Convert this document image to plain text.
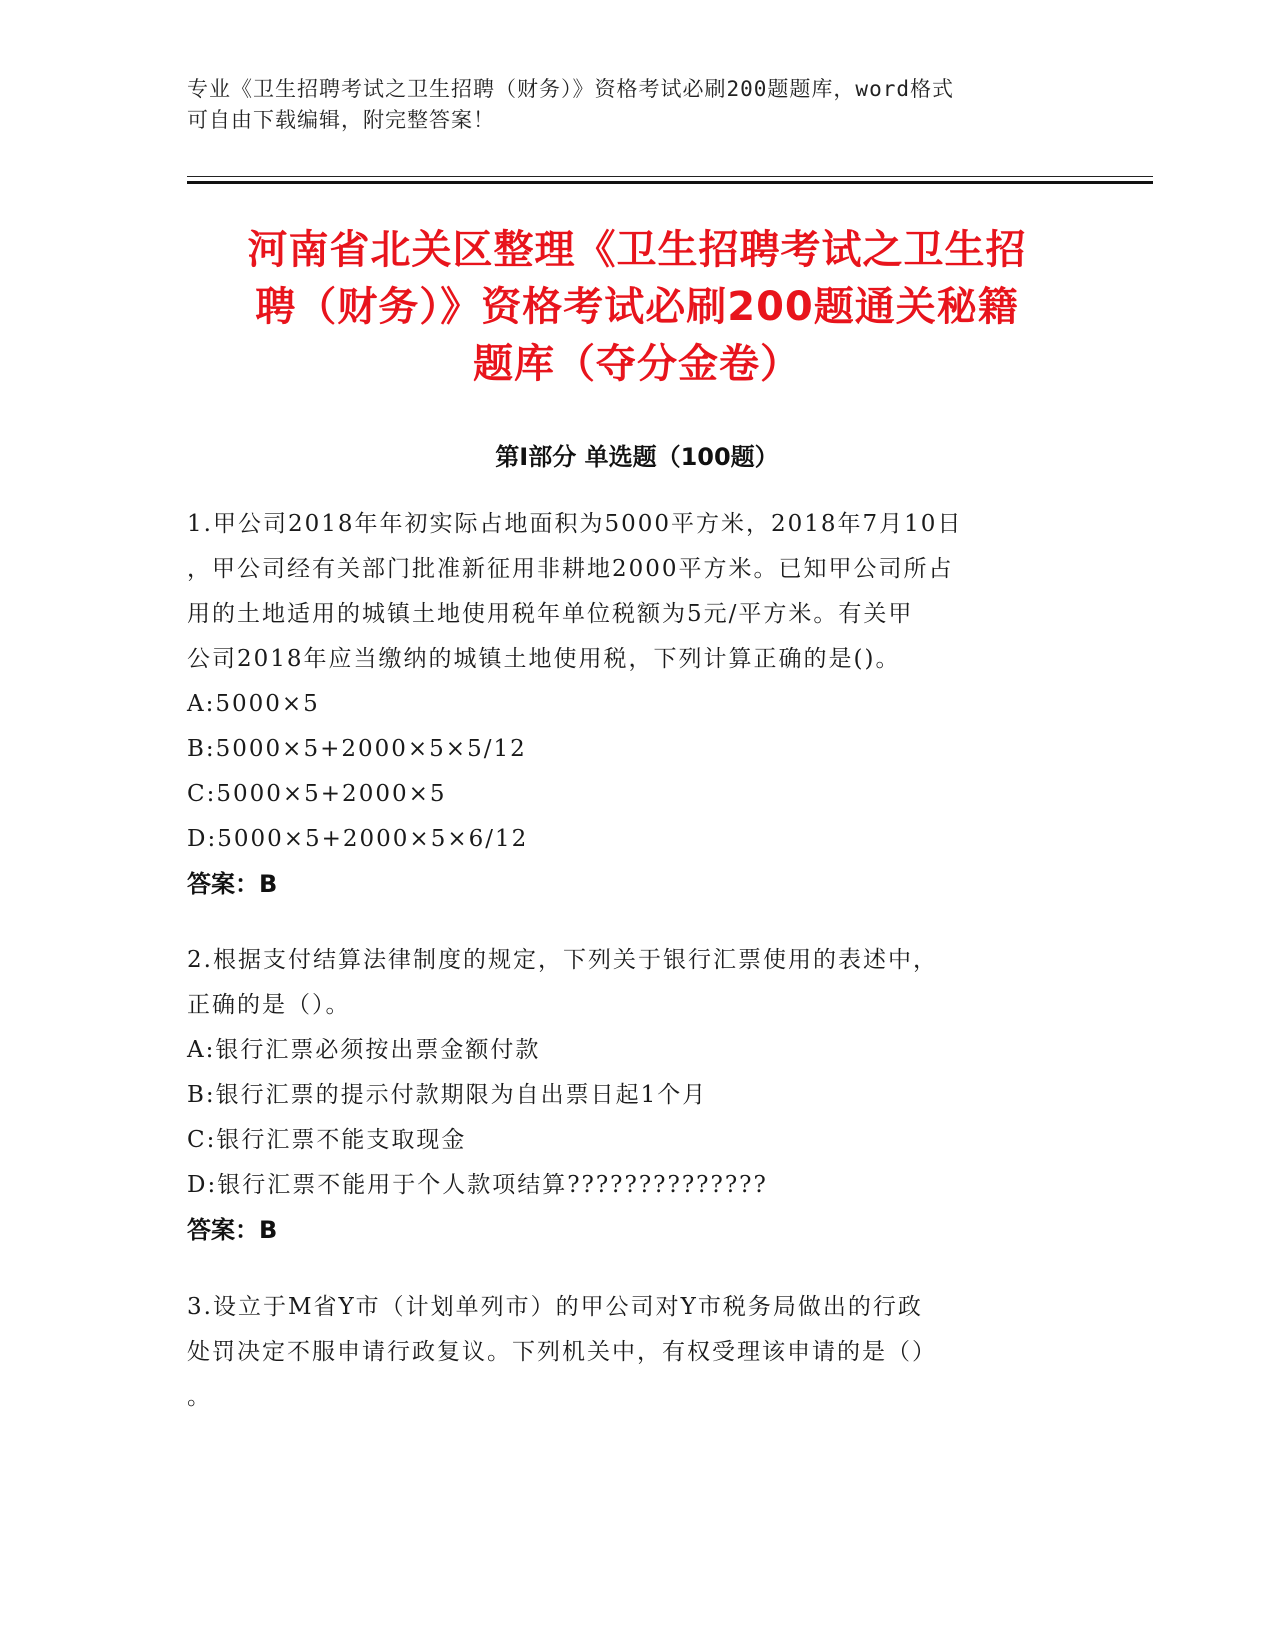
专业《卫生招聘考试之卫生招聘（财务）》资格考试必刷200题题库，word格式
可自由下载编辑，附完整答案！
河南省北关区整理《卫生招聘考试之卫生招
聘（财务）》资格考试必刷200题通关秘籍
题库（夺分金卷）
第Ⅰ部分 单选题（100题）
1.甲公司2018年年初实际占地面积为5000平方米，2018年7月10日
，甲公司经有关部门批准新征用非耕地2000平方米。已知甲公司所占
用的土地适用的城镇土地使用税年单位税额为5元/平方米。有关甲
公司2018年应当缴纳的城镇土地使用税，下列计算正确的是()。
A:5000×5
B:5000×5+2000×5×5/12
C:5000×5+2000×5
D:5000×5+2000×5×6/12
答案：B
2.根据支付结算法律制度的规定，下列关于银行汇票使用的表述中，
正确的是（）。
A:银行汇票必须按出票金额付款
B:银行汇票的提示付款期限为自出票日起1个月
C:银行汇票不能支取现金
D:银行汇票不能用于个人款项结算??????????????
答案：B
3.设立于M省Y市（计划单列市）的甲公司对Y市税务局做出的行政
处罚决定不服申请行政复议。下列机关中，有权受理该申请的是（）
。
